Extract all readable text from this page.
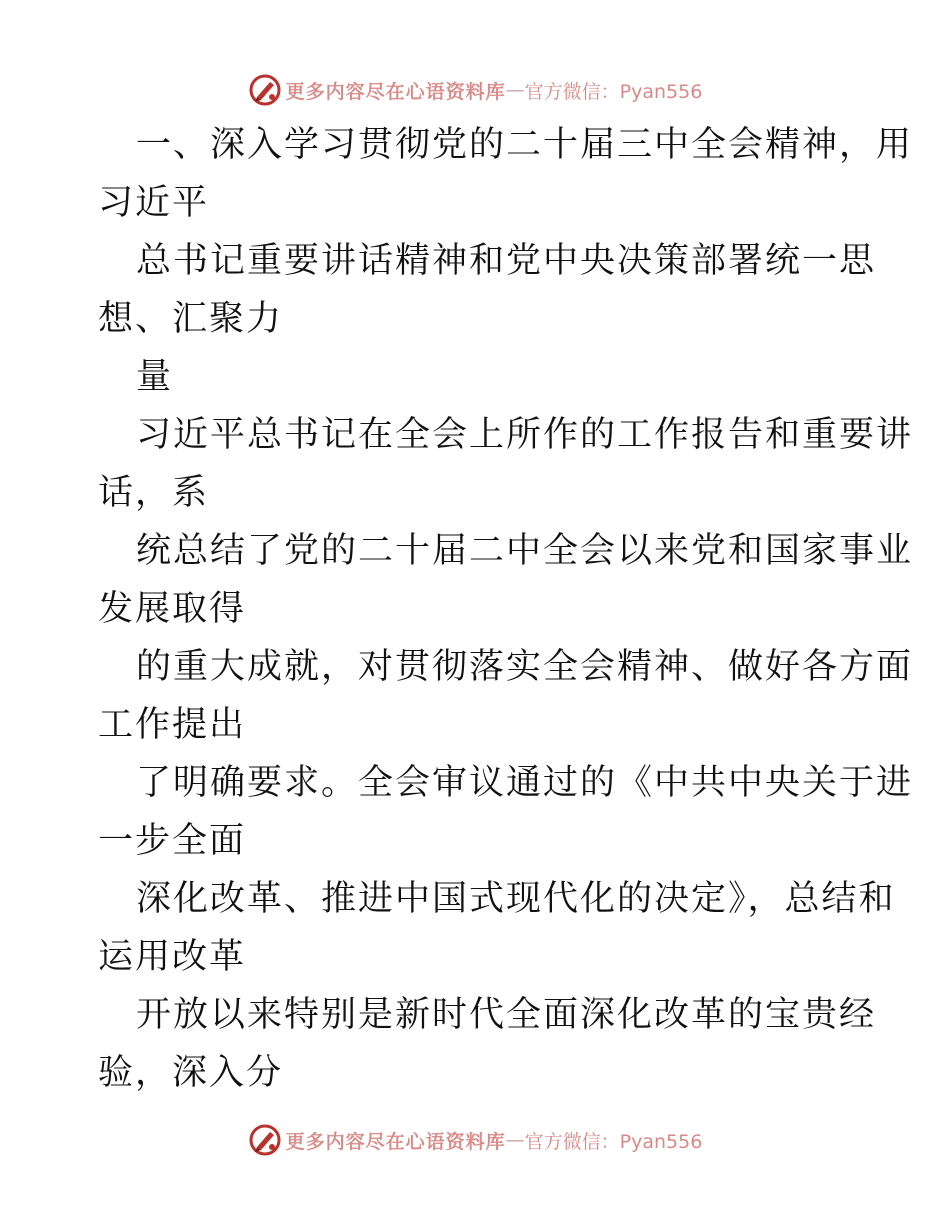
更多内容尽在心语资料库 — 官方微信：Pyan556
一、深入学习贯彻党的二十届三中全会精神，用
习近平
总书记重要讲话精神和党中央决策部署统一思
想、汇聚力
量
习近平总书记在全会上所作的工作报告和重要讲
话，系
统总结了党的二十届二中全会以来党和国家事业
发展取得
的重大成就，对贯彻落实全会精神、做好各方面
工作提出
了明确要求。全会审议通过的《中共中央关于进
一步全面
深化改革、推进中国式现代化的决定》，总结和
运用改革
开放以来特别是新时代全面深化改革的宝贵经
验，深入分
更多内容尽在心语资料库 — 官方微信：Pyan556
